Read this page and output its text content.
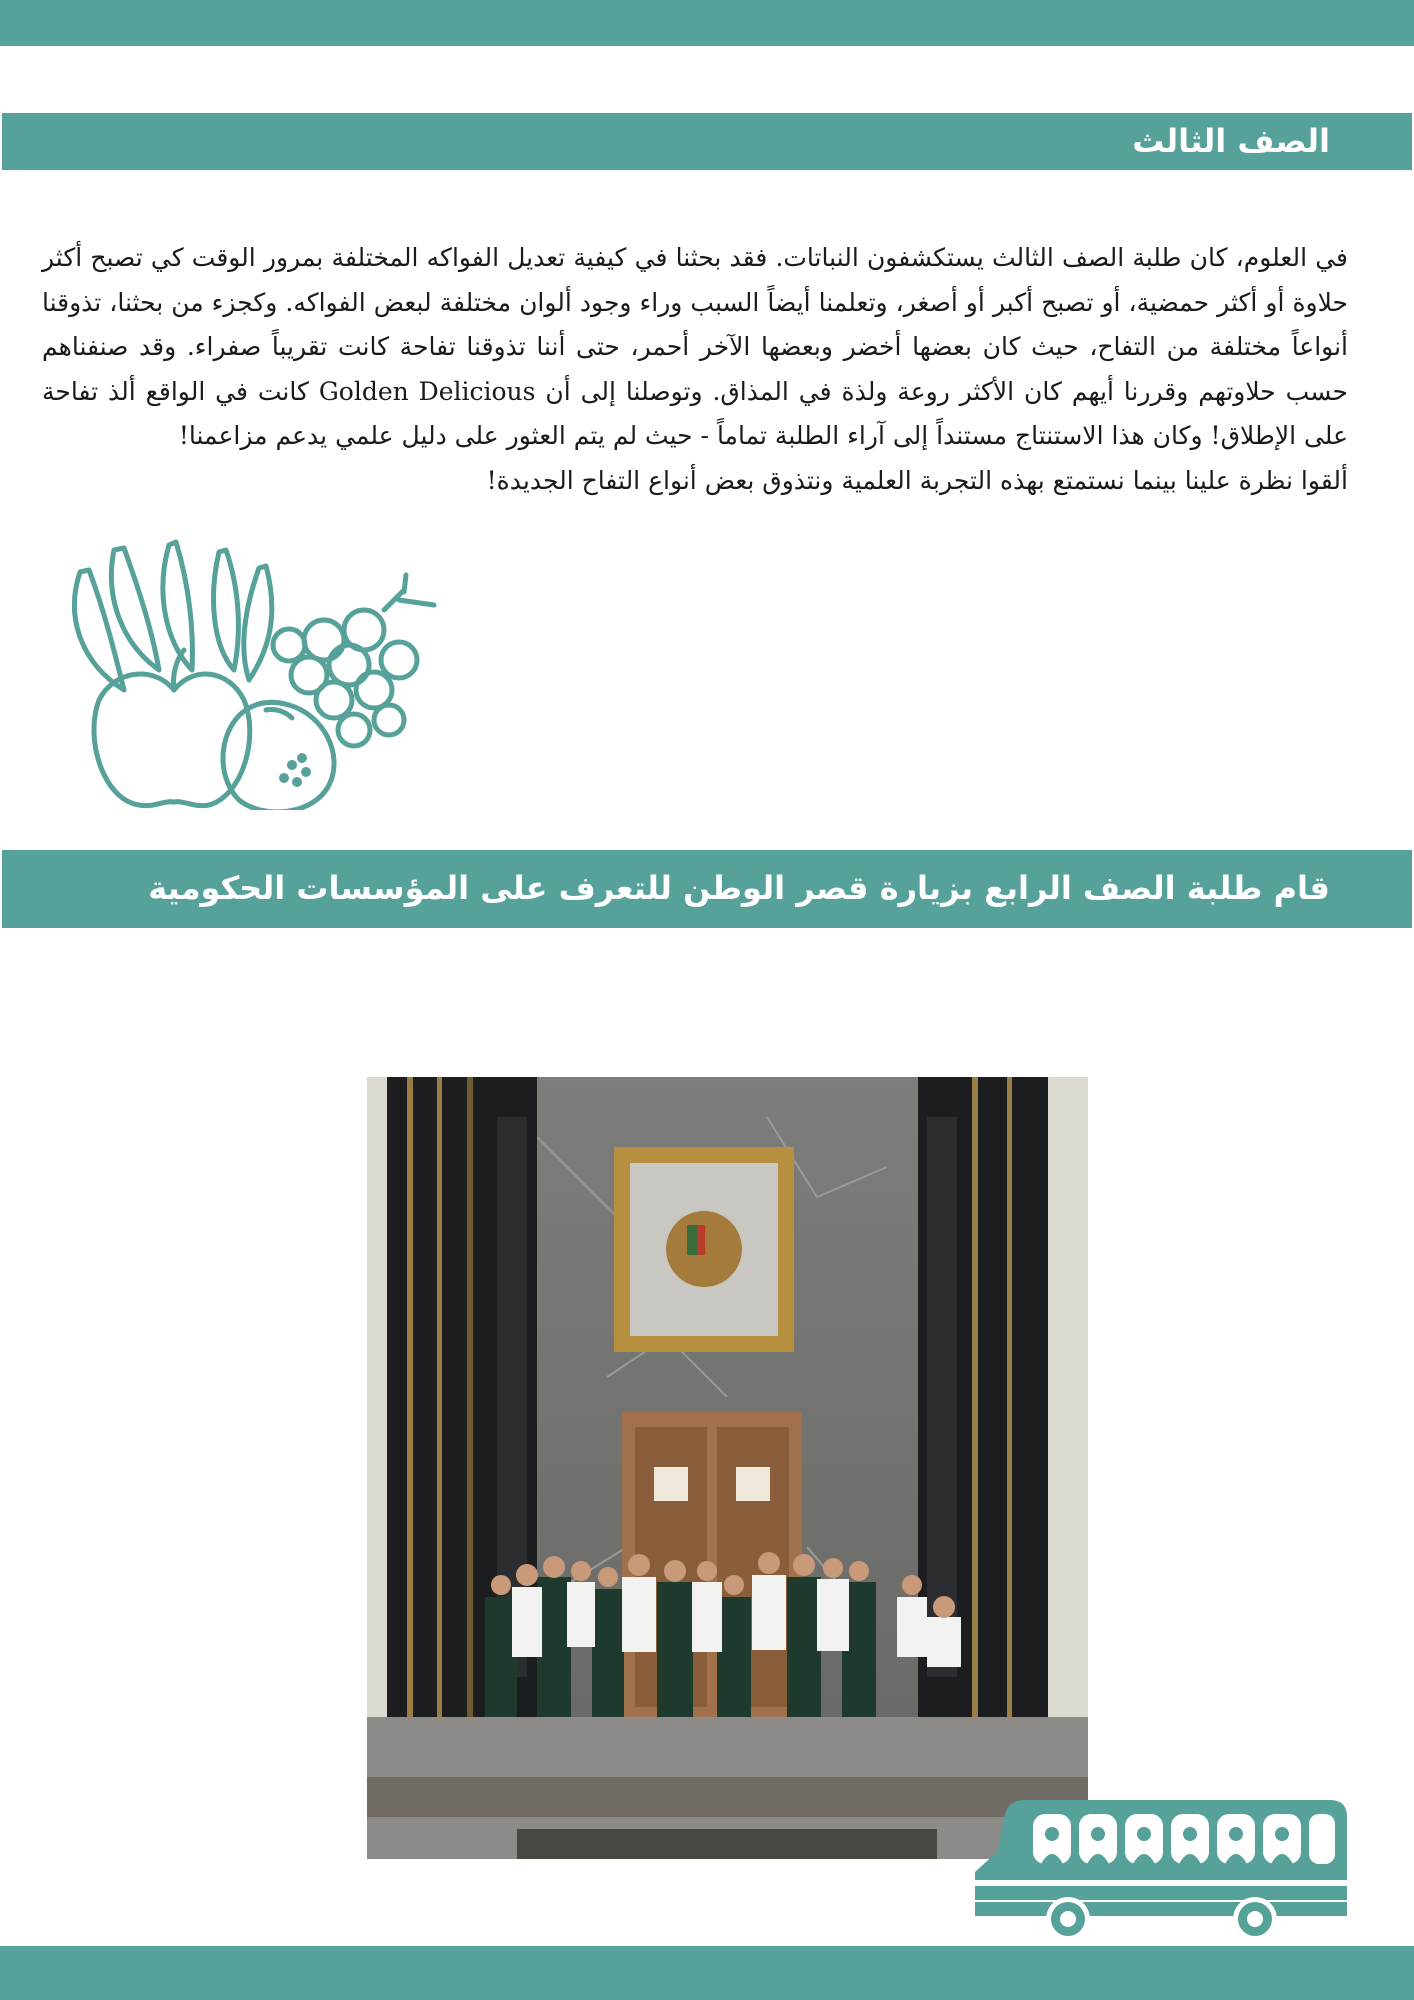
الصف الثالث

في العلوم، كان طلبة الصف الثالث يستكشفون النباتات. فقد بحثنا في كيفية تعديل الفواكه المختلفة بمرور الوقت كي تصبح أكثر حلاوة أو أكثر حمضية، أو تصبح أكبر أو أصغر، وتعلمنا أيضاً السبب وراء وجود ألوان مختلفة لبعض الفواكه. وكجزء من بحثنا، تذوقنا أنواعاً مختلفة من التفاح، حيث كان بعضها أخضر وبعضها الآخر أحمر، حتى أننا تذوقنا تفاحة كانت تقريباً صفراء. وقد صنفناهم حسب حلاوتهم وقررنا أيهم كان الأكثر روعة ولذة في المذاق. وتوصلنا إلى أن Golden Delicious كانت في الواقع ألذ تفاحة على الإطلاق! وكان هذا الاستنتاج مستنداً إلى آراء الطلبة تماماً - حيث لم يتم العثور على دليل علمي يدعم مزاعمنا!

ألقوا نظرة علينا بينما نستمتع بهذه التجربة العلمية ونتذوق بعض أنواع التفاح الجديدة!

قام طلبة الصف الرابع بزيارة قصر الوطن للتعرف على المؤسسات الحكومية
